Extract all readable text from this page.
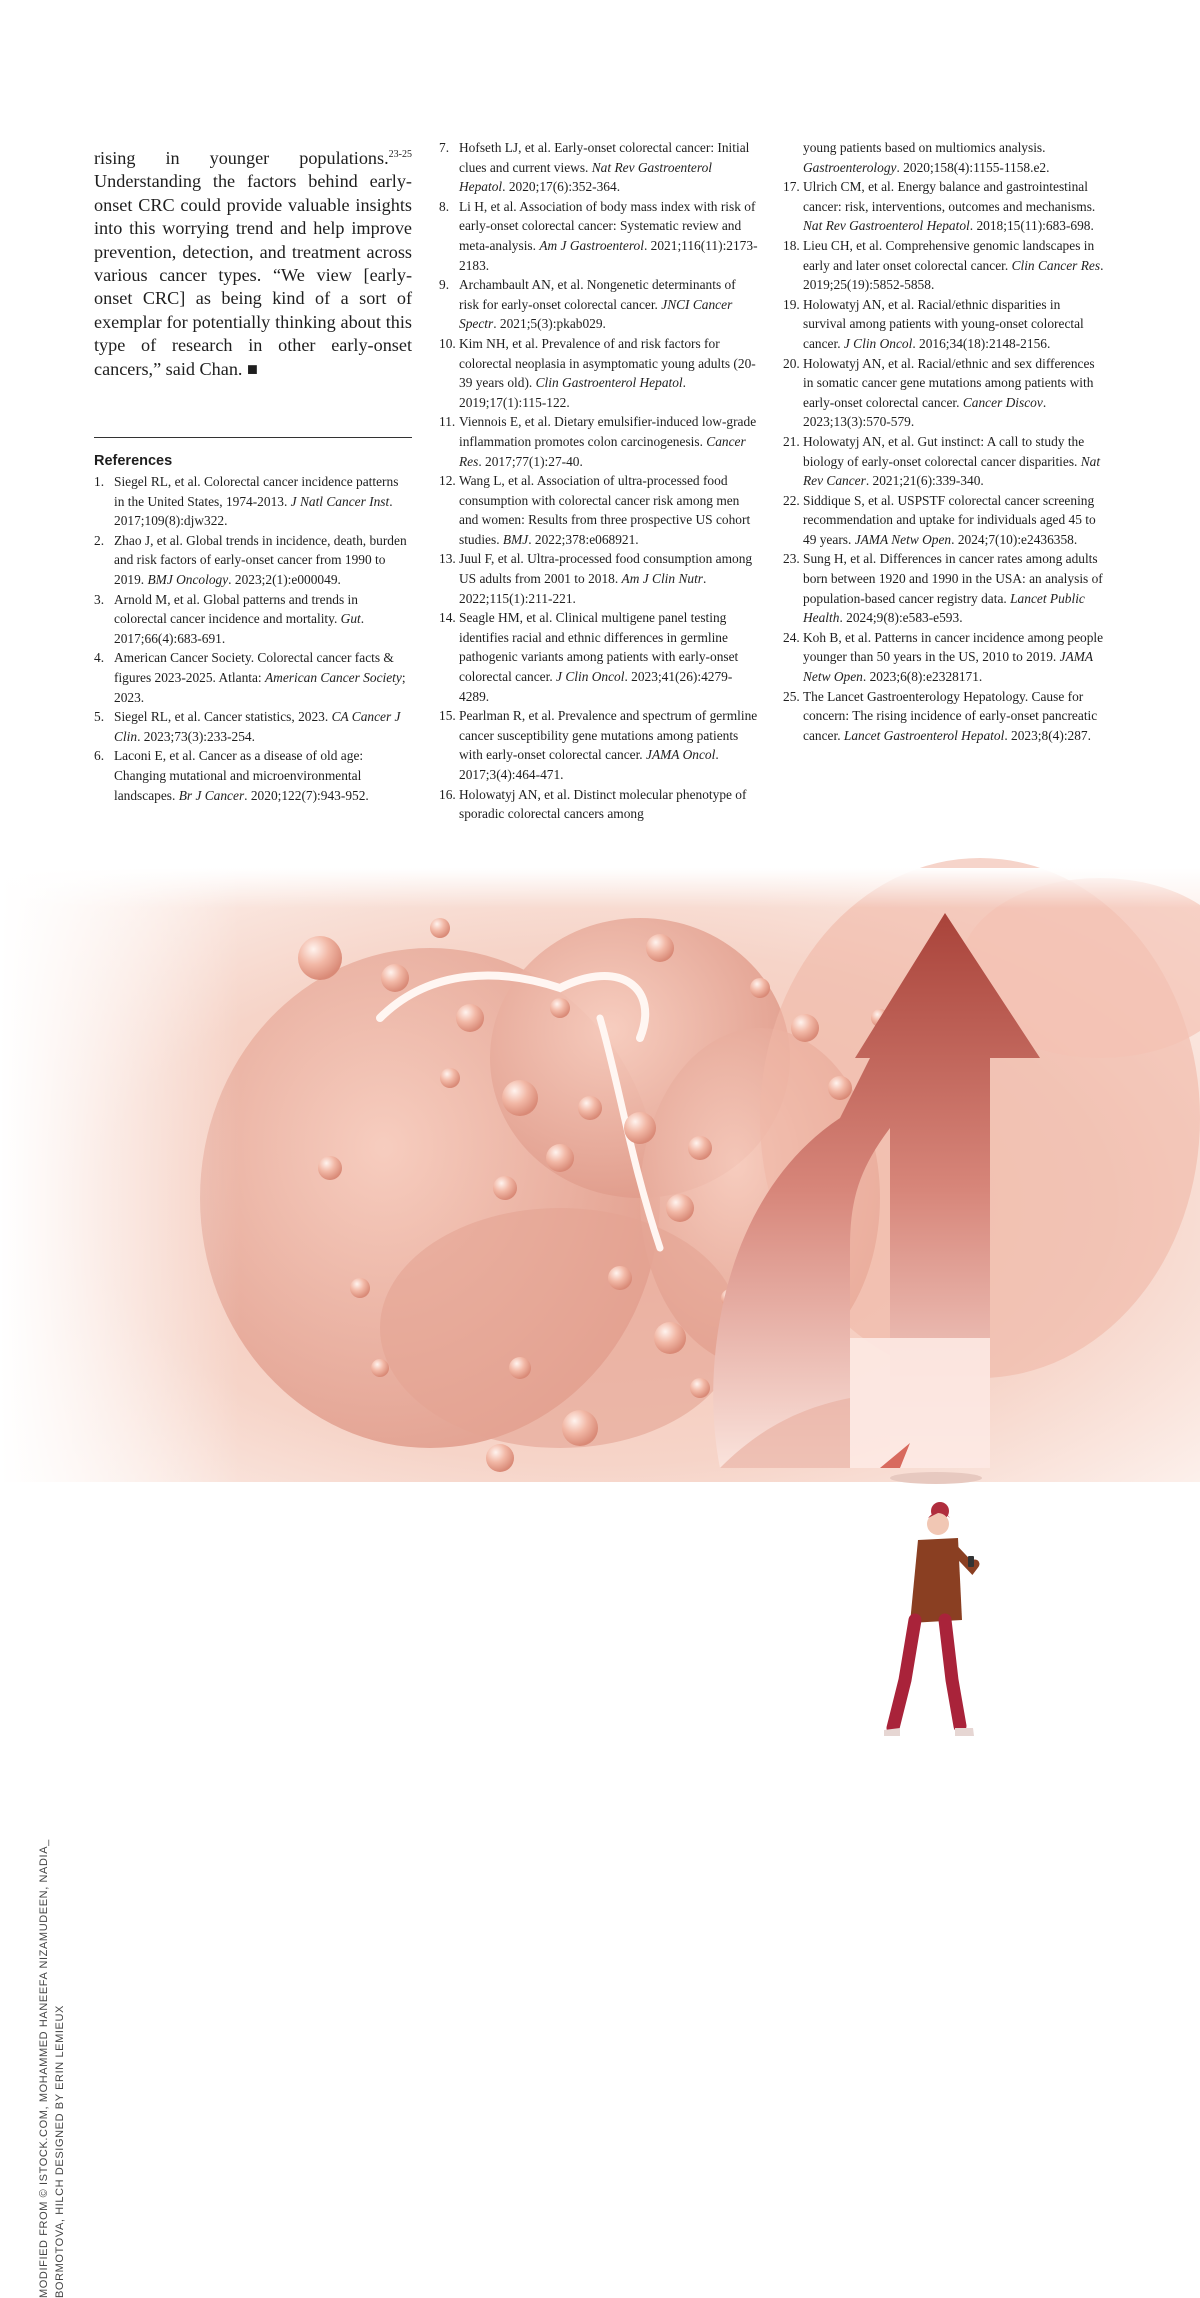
rising in younger populations.$^{23-25}$ Understanding the factors behind early-onset CRC could provide valuable insights into this worrying trend and help improve prevention, detection, and treatment across various cancer types. “We view [early-onset CRC] as being kind of a sort of exemplar for potentially thinking about this type of research in other early-onset cancers,” said Chan. ■
References
1. Siegel RL, et al. Colorectal cancer incidence patterns in the United States, 1974-2013. J Natl Cancer Inst. 2017;109(8):djw322.
2. Zhao J, et al. Global trends in incidence, death, burden and risk factors of early-onset cancer from 1990 to 2019. BMJ Oncology. 2023;2(1):e000049.
3. Arnold M, et al. Global patterns and trends in colorectal cancer incidence and mortality. Gut. 2017;66(4):683-691.
4. American Cancer Society. Colorectal cancer facts & figures 2023-2025. Atlanta: American Cancer Society; 2023.
5. Siegel RL, et al. Cancer statistics, 2023. CA Cancer J Clin. 2023;73(3):233-254.
6. Laconi E, et al. Cancer as a disease of old age: Changing mutational and microenvironmental landscapes. Br J Cancer. 2020;122(7):943-952.
7. Hofseth LJ, et al. Early-onset colorectal cancer: Initial clues and current views. Nat Rev Gastroenterol Hepatol. 2020;17(6):352-364.
8. Li H, et al. Association of body mass index with risk of early-onset colorectal cancer: Systematic review and meta-analysis. Am J Gastroenterol. 2021;116(11):2173-2183.
9. Archambault AN, et al. Nongenetic determinants of risk for early-onset colorectal cancer. JNCI Cancer Spectr. 2021;5(3):pkab029.
10. Kim NH, et al. Prevalence of and risk factors for colorectal neoplasia in asymptomatic young adults (20-39 years old). Clin Gastroenterol Hepatol. 2019;17(1):115-122.
11. Viennois E, et al. Dietary emulsifier-induced low-grade inflammation promotes colon carcinogenesis. Cancer Res. 2017;77(1):27-40.
12. Wang L, et al. Association of ultra-processed food consumption with colorectal cancer risk among men and women: Results from three prospective US cohort studies. BMJ. 2022;378:e068921.
13. Juul F, et al. Ultra-processed food consumption among US adults from 2001 to 2018. Am J Clin Nutr. 2022;115(1):211-221.
14. Seagle HM, et al. Clinical multigene panel testing identifies racial and ethnic differences in germline pathogenic variants among patients with early-onset colorectal cancer. J Clin Oncol. 2023;41(26):4279-4289.
15. Pearlman R, et al. Prevalence and spectrum of germline cancer susceptibility gene mutations among patients with early-onset colorectal cancer. JAMA Oncol. 2017;3(4):464-471.
16. Holowatyj AN, et al. Distinct molecular phenotype of sporadic colorectal cancers among
young patients based on multiomics analysis. Gastroenterology. 2020;158(4):1155-1158.e2.
17. Ulrich CM, et al. Energy balance and gastrointestinal cancer: risk, interventions, outcomes and mechanisms. Nat Rev Gastroenterol Hepatol. 2018;15(11):683-698.
18. Lieu CH, et al. Comprehensive genomic landscapes in early and later onset colorectal cancer. Clin Cancer Res. 2019;25(19):5852-5858.
19. Holowatyj AN, et al. Racial/ethnic disparities in survival among patients with young-onset colorectal cancer. J Clin Oncol. 2016;34(18):2148-2156.
20. Holowatyj AN, et al. Racial/ethnic and sex differences in somatic cancer gene mutations among patients with early-onset colorectal cancer. Cancer Discov. 2023;13(3):570-579.
21. Holowatyj AN, et al. Gut instinct: A call to study the biology of early-onset colorectal cancer disparities. Nat Rev Cancer. 2021;21(6):339-340.
22. Siddique S, et al. USPSTF colorectal cancer screening recommendation and uptake for individuals aged 45 to 49 years. JAMA Netw Open. 2024;7(10):e2436358.
23. Sung H, et al. Differences in cancer rates among adults born between 1920 and 1990 in the USA: an analysis of population-based cancer registry data. Lancet Public Health. 2024;9(8):e583-e593.
24. Koh B, et al. Patterns in cancer incidence among people younger than 50 years in the US, 2010 to 2019. JAMA Netw Open. 2023;6(8):e2328171.
25. The Lancet Gastroenterology Hepatology. Cause for concern: The rising incidence of early-onset pancreatic cancer. Lancet Gastroenterol Hepatol. 2023;8(4):287.
MODIFIED FROM © ISTOCK.COM, MOHAMMED HANEEFA NIZAMUDEEN, NADIA_ BORMOTOVA, HILCH DESIGNED BY ERIN LEMIEUX
